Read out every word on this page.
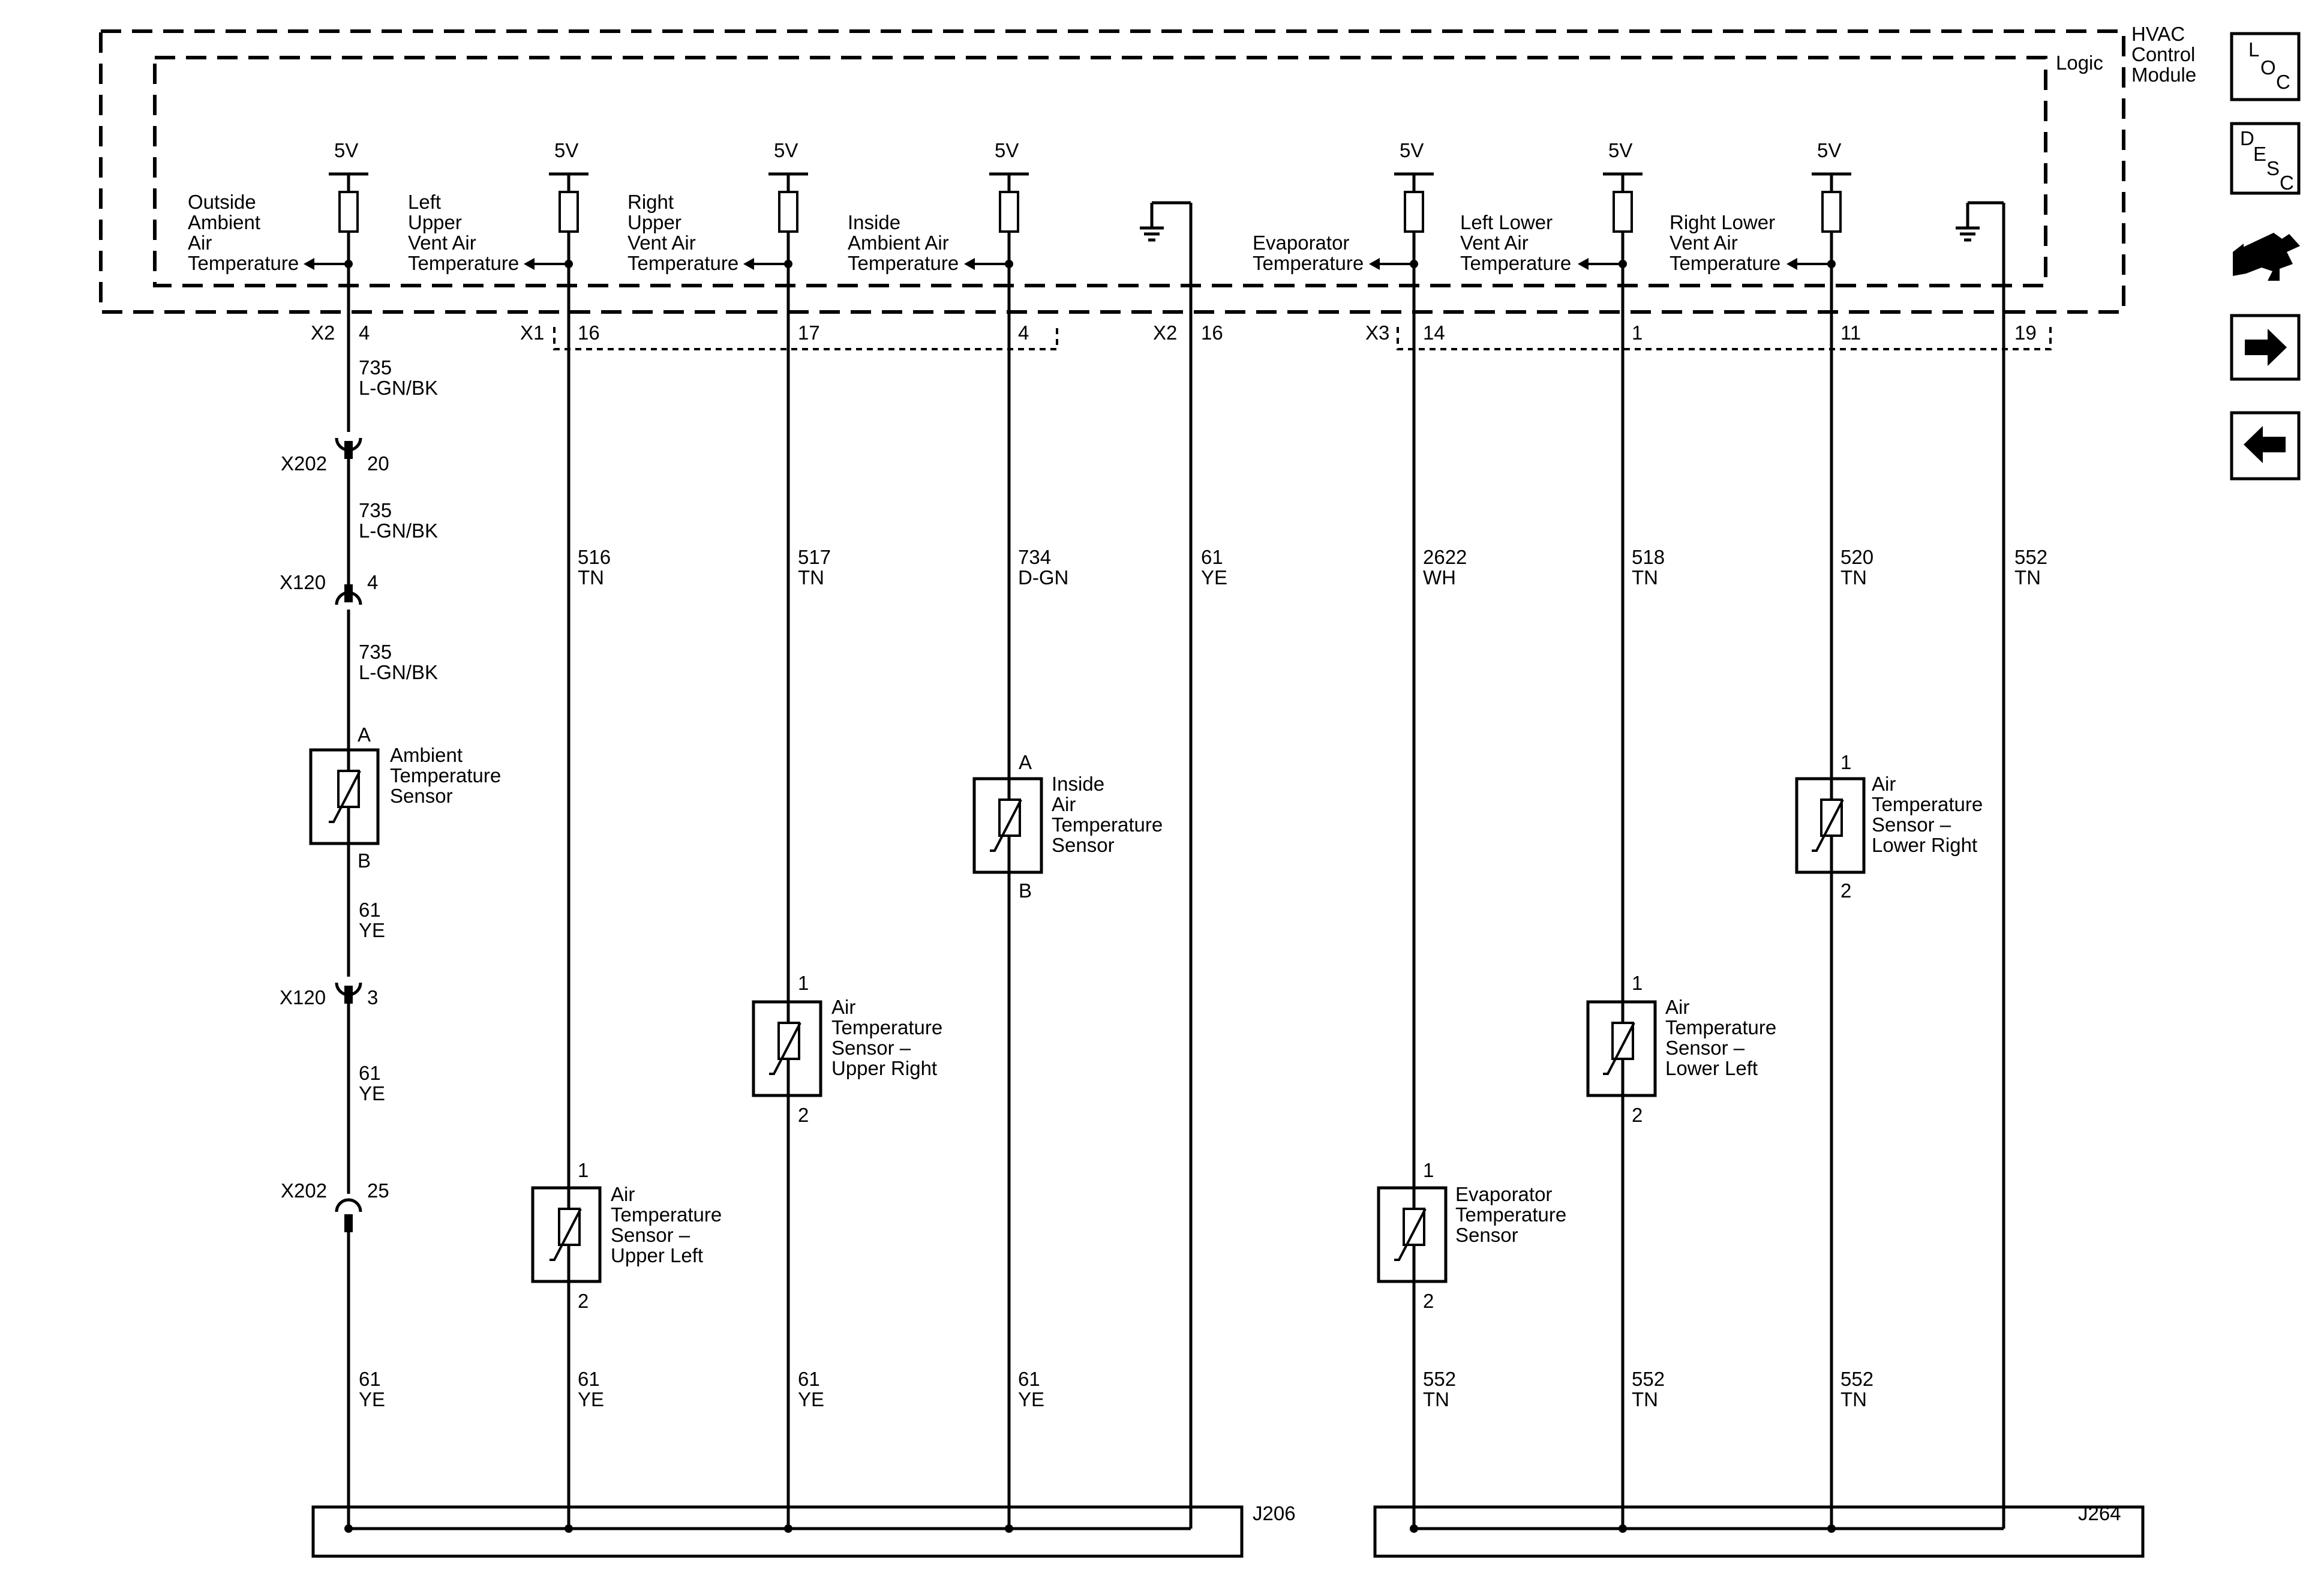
HVAC
Control
Module
Logic
5V	5V	5V	5V	5V	5V	5V
Outside
Ambient
Air
Temperature
Left
Upper
Vent Air
Temperature
Right
Upper
Vent Air
Temperature
Inside
Ambient Air
Temperature
Evaporator
Temperature
Left Lower
Vent Air
Temperature
Right Lower
Vent Air
Temperature
X2 4	X1 16	17	4	X2 16	X3 14	1	11	19
X202 20
X120 4
X120 3
X202 25
735
L-GN/BK
735
L-GN/BK
735
L-GN/BK
61
YE
61
YE
61
YE
516
TN
61
YE
517
TN
61
YE
734
D-GN
61
YE
61
YE
2622
WH
552
TN
518
TN
552
TN
520
TN
552
TN
552
TN
A
B
Ambient
Temperature
Sensor
1
2
Air
Temperature
Sensor –
Upper Left
1
2
Air
Temperature
Sensor –
Upper Right
A
B
Inside
Air
Temperature
Sensor
1
2
Evaporator
Temperature
Sensor
1
2
Air
Temperature
Sensor –
Lower Left
1
2
Air
Temperature
Sensor –
Lower Right
J206	J264
L
O
C
D
E
S
C
